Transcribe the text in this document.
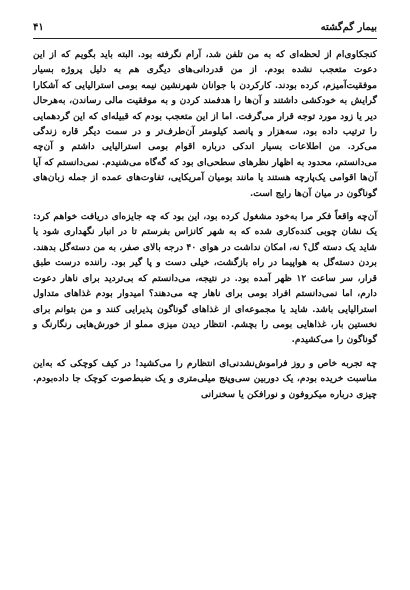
بیمار گم‌گشته
۴۱

کنجکاوی‌ام از لحظه‌ای که به من تلفن شد، آرام نگرفته بود. البته باید بگویم که از این دعوت متعجب نشده بودم. از من قدردانی‌های دیگری هم به دلیل پروژه بسیار موفقیت‌آمیزم، کرده بودند. کارکردن با جوانان شهرنشین نیمه بومی استرالیایی که آشکارا گرایش به خودکشی داشتند و آن‌ها را هدفمند کردن و به موفقیت مالی رساندن، به‌هرحال دیر یا زود مورد توجه قرار می‌گرفت. اما از این متعجب بودم که قبیله‌ای که این گردهمایی را ترتیب داده بود، سه‌هزار و پانصد کیلومتر آن‌طرف‌تر و در سمت دیگر قاره زندگی می‌کرد. من اطلاعات بسیار اندکی درباره اقوام بومی استرالیایی داشتم و آن‌چه می‌دانستم، محدود به اظهار نظرهای سطحی‌ای بود که گه‌گاه می‌شنیدم. نمی‌دانستم که آیا آن‌ها اقوامی یک‌پارچه هستند یا مانند بومیان آمریکایی، تفاوت‌های عمده از جمله زبان‌های گوناگون در میان آن‌ها رایج است.

آن‌چه واقعاً فکر مرا به‌خود مشغول کرده بود، این بود که چه جایزه‌ای دریافت خواهم کرد: یک نشان چوبی کنده‌کاری شده که به شهر کانزاس بفرستم تا در انبار نگهداری شود یا شاید یک دسته گل؟ نه، امکان نداشت در هوای ۴۰ درجه بالای صفر، به من دسته‌گل بدهند. بردن دسته‌گل به هواپیما در راه بازگشت، خیلی دست و پا گیر بود. راننده درست طبق قرار، سر ساعت ۱۲ ظهر آمده بود. در نتیجه، می‌دانستم که بی‌تردید برای ناهار دعوت دارم، اما نمی‌دانستم افراد بومی برای ناهار چه می‌دهند؟ امیدوار بودم غذاهای متداول استرالیایی باشد. شاید یا مجموعه‌ای از غذاهای گوناگون پذیرایی کنند و من بتوانم برای نخستین بار، غذاهایی بومی را بچشم. انتظار دیدن میزی مملو از خورش‌هایی رنگارنگ و گوناگون را می‌کشیدم.

چه تجربه خاص و روز فراموش‌نشدنی‌ای انتظارم را می‌کشید! در کیف کوچکی که به‌این مناسبت خریده بودم، یک دوربین سی‌وپنج میلی‌متری و یک ضبط‌صوت کوچک جا داده‌بودم. چیزی درباره میکروفون و نورافکن یا سخنرانی
